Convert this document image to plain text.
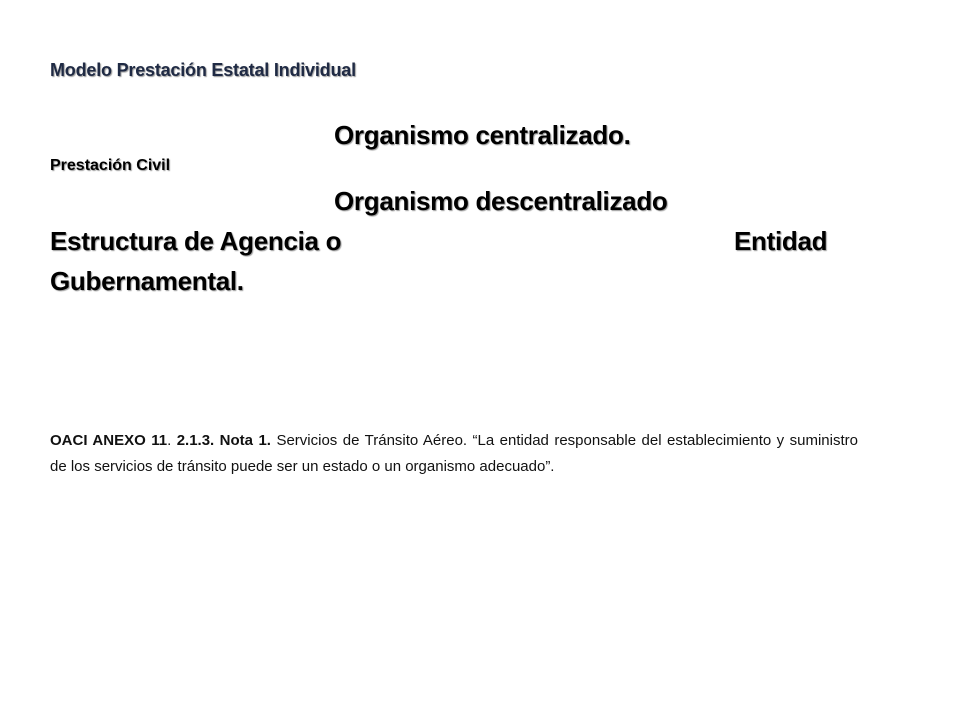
Modelo Prestación Estatal Individual
Organismo centralizado.
Prestación Civil
Organismo descentralizado
Estructura de Agencia o	Entidad
Gubernamental.
OACI ANEXO 11. 2.1.3. Nota 1. Servicios de Tránsito Aéreo. “La entidad responsable del establecimiento y suministro de los servicios de tránsito puede ser un estado o un organismo adecuado”.
